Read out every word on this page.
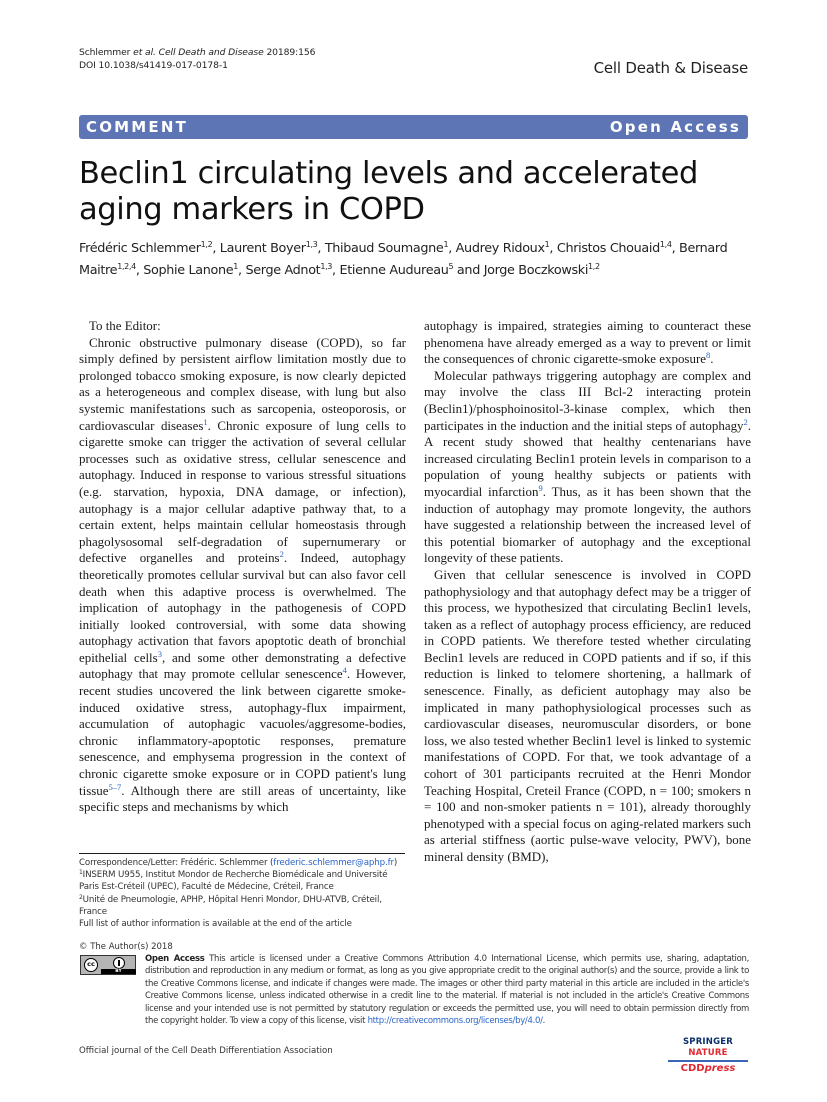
Schlemmer et al. Cell Death and Disease 20189:156
DOI 10.1038/s41419-017-0178-1	Cell Death & Disease
COMMENT	Open Access
Beclin1 circulating levels and accelerated aging markers in COPD
Frédéric Schlemmer$^{1,2}$, Laurent Boyer$^{1,3}$, Thibaud Soumagne$^1$, Audrey Ridoux$^1$, Christos Chouaid$^{1,4}$, Bernard Maitre$^{1,2,4}$, Sophie Lanone$^1$, Serge Adnot$^{1,3}$, Etienne Audureau$^5$ and Jorge Boczkowski$^{1,2}$

To the Editor:

Chronic obstructive pulmonary disease (COPD), so far simply defined by persistent airflow limitation mostly due to prolonged tobacco smoking exposure, is now clearly depicted as a heterogeneous and complex disease, with lung but also systemic manifestations such as sarcopenia, osteoporosis, or cardiovascular diseases$^1$. Chronic exposure of lung cells to cigarette smoke can trigger the activation of several cellular processes such as oxidative stress, cellular senescence and autophagy. Induced in response to various stressful situations (e.g. starvation, hypoxia, DNA damage, or infection), autophagy is a major cellular adaptive pathway that, to a certain extent, helps maintain cellular homeostasis through phagolysosomal self-degradation of supernumerary or defective organelles and proteins$^2$. Indeed, autophagy theoretically promotes cellular survival but can also favor cell death when this adaptive process is overwhelmed. The implication of autophagy in the pathogenesis of COPD initially looked controversial, with some data showing autophagy activation that favors apoptotic death of bronchial epithelial cells$^3$, and some other demonstrating a defective autophagy that may promote cellular senescence$^4$. However, recent studies uncovered the link between cigarette smoke-induced oxidative stress, autophagy-flux impairment, accumulation of autophagic vacuoles/aggresome-bodies, chronic inflammatory-apoptotic responses, premature senescence, and emphysema progression in the context of chronic cigarette smoke exposure or in COPD patient's lung tissue$^{5-7}$. Although there are still areas of uncertainty, like specific steps and mechanisms by which

autophagy is impaired, strategies aiming to counteract these phenomena have already emerged as a way to prevent or limit the consequences of chronic cigarette-smoke exposure$^8$.

Molecular pathways triggering autophagy are complex and may involve the class III Bcl-2 interacting protein (Beclin1)/phosphoinositol-3-kinase complex, which then participates in the induction and the initial steps of autophagy$^2$. A recent study showed that healthy centenarians have increased circulating Beclin1 protein levels in comparison to a population of young healthy subjects or patients with myocardial infarction$^9$. Thus, as it has been shown that the induction of autophagy may promote longevity, the authors have suggested a relationship between the increased level of this potential biomarker of autophagy and the exceptional longevity of these patients.

Given that cellular senescence is involved in COPD pathophysiology and that autophagy defect may be a trigger of this process, we hypothesized that circulating Beclin1 levels, taken as a reflect of autophagy process efficiency, are reduced in COPD patients. We therefore tested whether circulating Beclin1 levels are reduced in COPD patients and if so, if this reduction is linked to telomere shortening, a hallmark of senescence. Finally, as deficient autophagy may also be implicated in many pathophysiological processes such as cardiovascular diseases, neuromuscular disorders, or bone loss, we also tested whether Beclin1 level is linked to systemic manifestations of COPD. For that, we took advantage of a cohort of 301 participants recruited at the Henri Mondor Teaching Hospital, Creteil France (COPD, n = 100; smokers n = 100 and non-smoker patients n = 101), already thoroughly phenotyped with a special focus on aging-related markers such as arterial stiffness (aortic pulse-wave velocity, PWV), bone mineral density (BMD),

Correspondence/Letter: Frédéric. Schlemmer (frederic.schlemmer@aphp.fr)
$^1$INSERM U955, Institut Mondor de Recherche Biomédicale and Université Paris Est-Créteil (UPEC), Faculté de Médecine, Créteil, France
$^2$Unité de Pneumologie, APHP, Hôpital Henri Mondor, DHU-ATVB, Créteil, France
Full list of author information is available at the end of the article
© The Author(s) 2018
Open Access This article is licensed under a Creative Commons Attribution 4.0 International License, which permits use, sharing, adaptation, distribution and reproduction in any medium or format, as long as you give appropriate credit to the original author(s) and the source, provide a link to the Creative Commons license, and indicate if changes were made. The images or other third party material in this article are included in the article's Creative Commons license, unless indicated otherwise in a credit line to the material. If material is not included in the article's Creative Commons license and your intended use is not permitted by statutory regulation or exceeds the permitted use, you will need to obtain permission directly from the copyright holder. To view a copy of this license, visit http://creativecommons.org/licenses/by/4.0/.
cc
BY
Official journal of the Cell Death Differentiation Association
SPRINGER NATURE
CDDpress
